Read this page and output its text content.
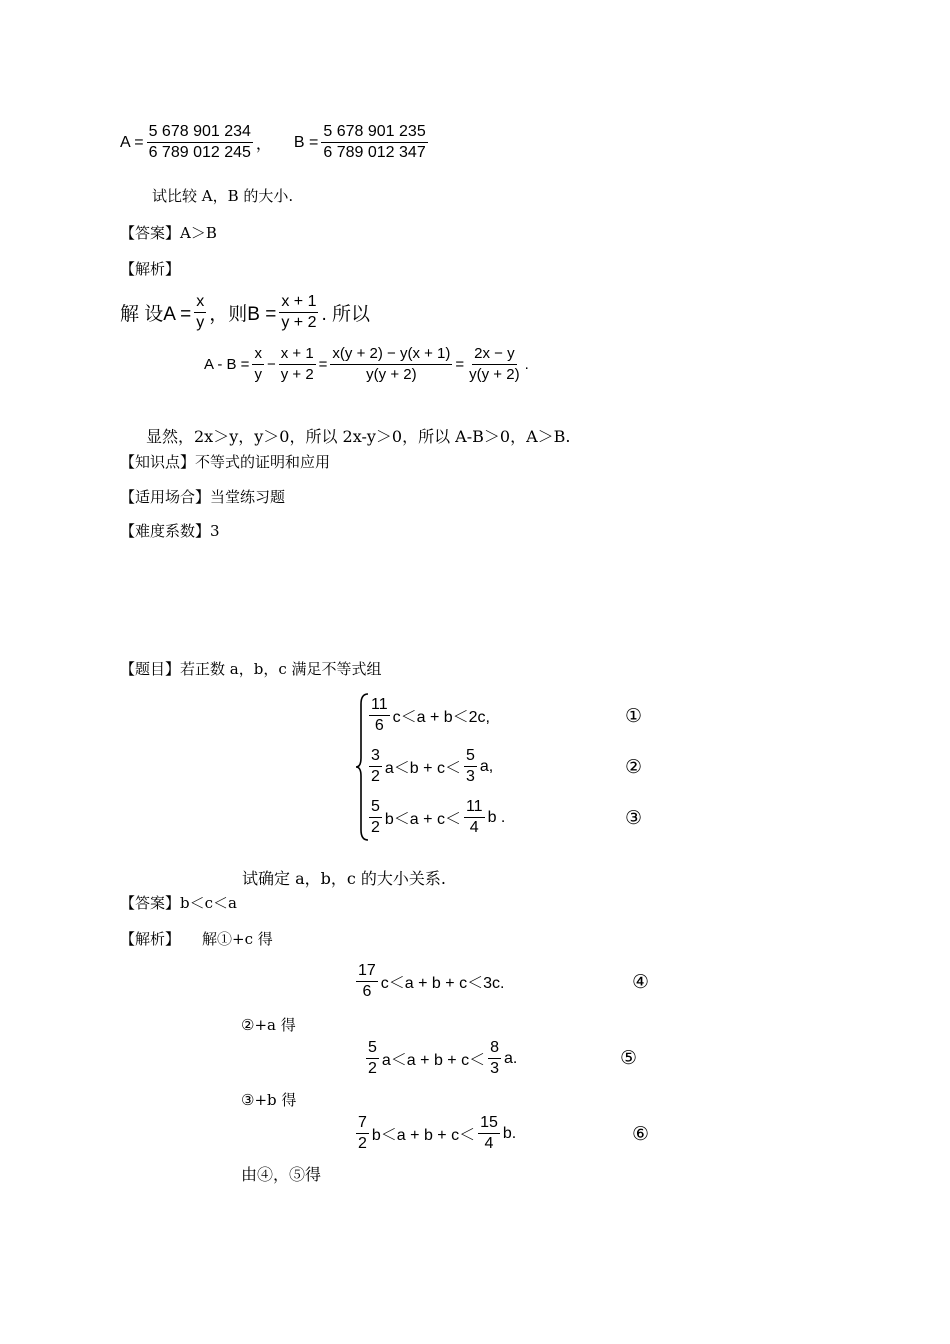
$A = \frac{5 678 901 234}{6 789 012 245}$ ， $B = \frac{5 678 901 235}{6 789 012 347}$
试比较 A，B 的大小.
【答案】A＞B
【解析】
解 设$A = \frac{x}{y}$ ，则$B = \frac{x + 1}{y + 2}$ . 所以
$A - B = \frac{x}{y} - \frac{x + 1}{y + 2} = \frac{x(y + 2) - y(x + 1)}{y(y + 2)} = \frac{2x - y}{y(y + 2)}$ .
显然，2x＞y，y＞0，所以 2x-y＞0，所以 A-B＞0，A＞B.
【知识点】不等式的证明和应用
【适用场合】当堂练习题
【难度系数】3
【题目】若正数 a，b，c 满足不等式组
$\frac{11}{6} c<a + b<2c$,	①
$\frac{3}{2} a<b + c< \frac{5}{3} a$,	②
$\frac{5}{2} b<a + c< \frac{11}{4}$ b .	③
试确定 a，b，c 的大小关系.
【答案】b＜c＜a
【解析】 解①+c 得
$\frac{17}{6} c<a + b + c<3c$.	④
②+a 得
$\frac{5}{2} a<a + b + c< \frac{8}{3} a$.	⑤
③+b 得
$\frac{7}{2} b<a + b + c< \frac{15}{4} b$.	⑥
由④，⑤得
